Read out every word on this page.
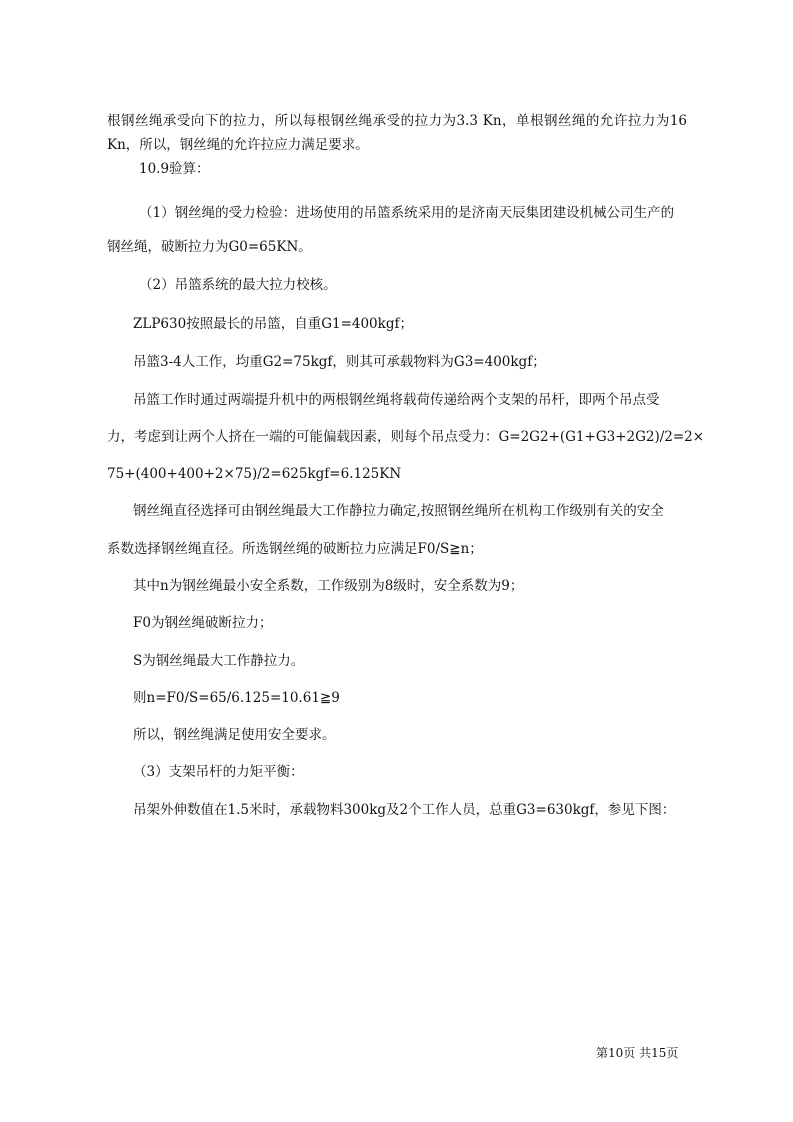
根钢丝绳承受向下的拉力，所以每根钢丝绳承受的拉力为3.3 Kn，单根钢丝绳的允许拉力为16
Kn，所以，钢丝绳的允许拉应力满足要求。
10.9验算：
（1）钢丝绳的受力检验：进场使用的吊篮系统采用的是济南天辰集团建设机械公司生产的
钢丝绳，破断拉力为G0=65KN。
（2）吊篮系统的最大拉力校核。
ZLP630按照最长的吊篮，自重G1=400kgf；
吊篮3-4人工作，均重G2=75kgf，则其可承载物料为G3=400kgf；
吊篮工作时通过两端提升机中的两根钢丝绳将载荷传递给两个支架的吊杆，即两个吊点受
力，考虑到让两个人挤在一端的可能偏载因素，则每个吊点受力：G=2G2+(G1+G3+2G2)/2=2×
75+(400+400+2×75)/2=625kgf=6.125KN
钢丝绳直径选择可由钢丝绳最大工作静拉力确定,按照钢丝绳所在机构工作级别有关的安全
系数选择钢丝绳直径。所选钢丝绳的破断拉力应满足F0/S≧n；
其中n为钢丝绳最小安全系数，工作级别为8级时，安全系数为9；
F0为钢丝绳破断拉力；
S为钢丝绳最大工作静拉力。
则n=F0/S=65/6.125=10.61≧9
所以，钢丝绳满足使用安全要求。
（3）支架吊杆的力矩平衡：
吊架外伸数值在1.5米时，承载物料300kg及2个工作人员，总重G3=630kgf，参见下图：
第10页 共15页
